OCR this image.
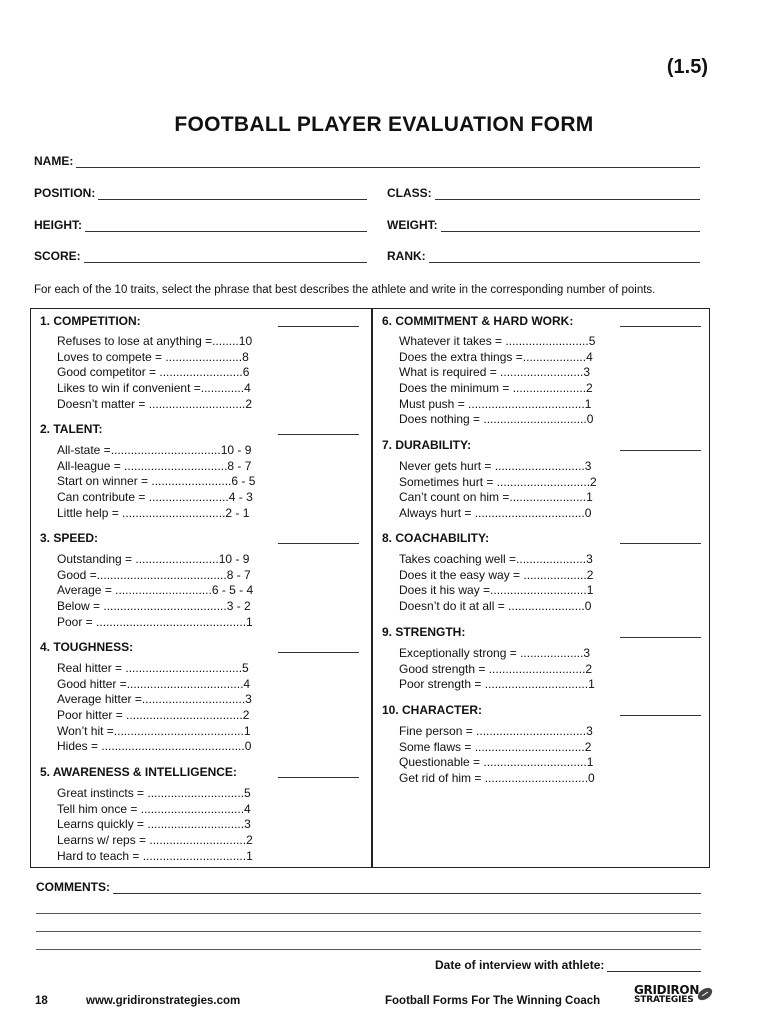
(1.5)
FOOTBALL PLAYER EVALUATION FORM
NAME:
POSITION:	CLASS:
HEIGHT:	WEIGHT:
SCORE:	RANK:
For each of the 10 traits, select the phrase that best describes the athlete and write in the corresponding number of points.
1. COMPETITION:
Refuses to lose at anything =........10
Loves to compete = .......................8
Good competitor = .........................6
Likes to win if convenient =.............4
Doesn’t matter = .............................2
2. TALENT:
All-state =.................................10 - 9
All-league = ...............................8 - 7
Start on winner = ........................6 - 5
Can contribute = ........................4 - 3
Little help = ...............................2 - 1
3. SPEED:
Outstanding = .........................10 - 9
Good =.......................................8 - 7
Average = .............................6 - 5 - 4
Below = .....................................3 - 2
Poor = .............................................1
4. TOUGHNESS:
Real hitter = ...................................5
Good hitter =...................................4
Average hitter =...............................3
Poor hitter = ...................................2
Won’t hit =.......................................1
Hides = ...........................................0
5. AWARENESS & INTELLIGENCE:
Great instincts = .............................5
Tell him once = ...............................4
Learns quickly = .............................3
Learns w/ reps = .............................2
Hard to teach = ...............................1
6. COMMITMENT & HARD WORK:
Whatever it takes = .........................5
Does the extra things =...................4
What is required = .........................3
Does the minimum = ......................2
Must push = ...................................1
Does nothing = ...............................0
7. DURABILITY:
Never gets hurt = ...........................3
Sometimes hurt = ............................2
Can’t count on him =.......................1
Always hurt = .................................0
8. COACHABILITY:
Takes coaching well =.....................3
Does it the easy way = ...................2
Does it his way =.............................1
Doesn’t do it at all = .......................0
9. STRENGTH:
Exceptionally strong = ...................3
Good strength = .............................2
Poor strength = ...............................1
10. CHARACTER:
Fine person = .................................3
Some flaws = .................................2
Questionable = ...............................1
Get rid of him = ...............................0
COMMENTS:
Date of interview with athlete:
18	www.gridironstrategies.com	Football Forms For The Winning Coach
GRIDIRON
STRATEGIES
